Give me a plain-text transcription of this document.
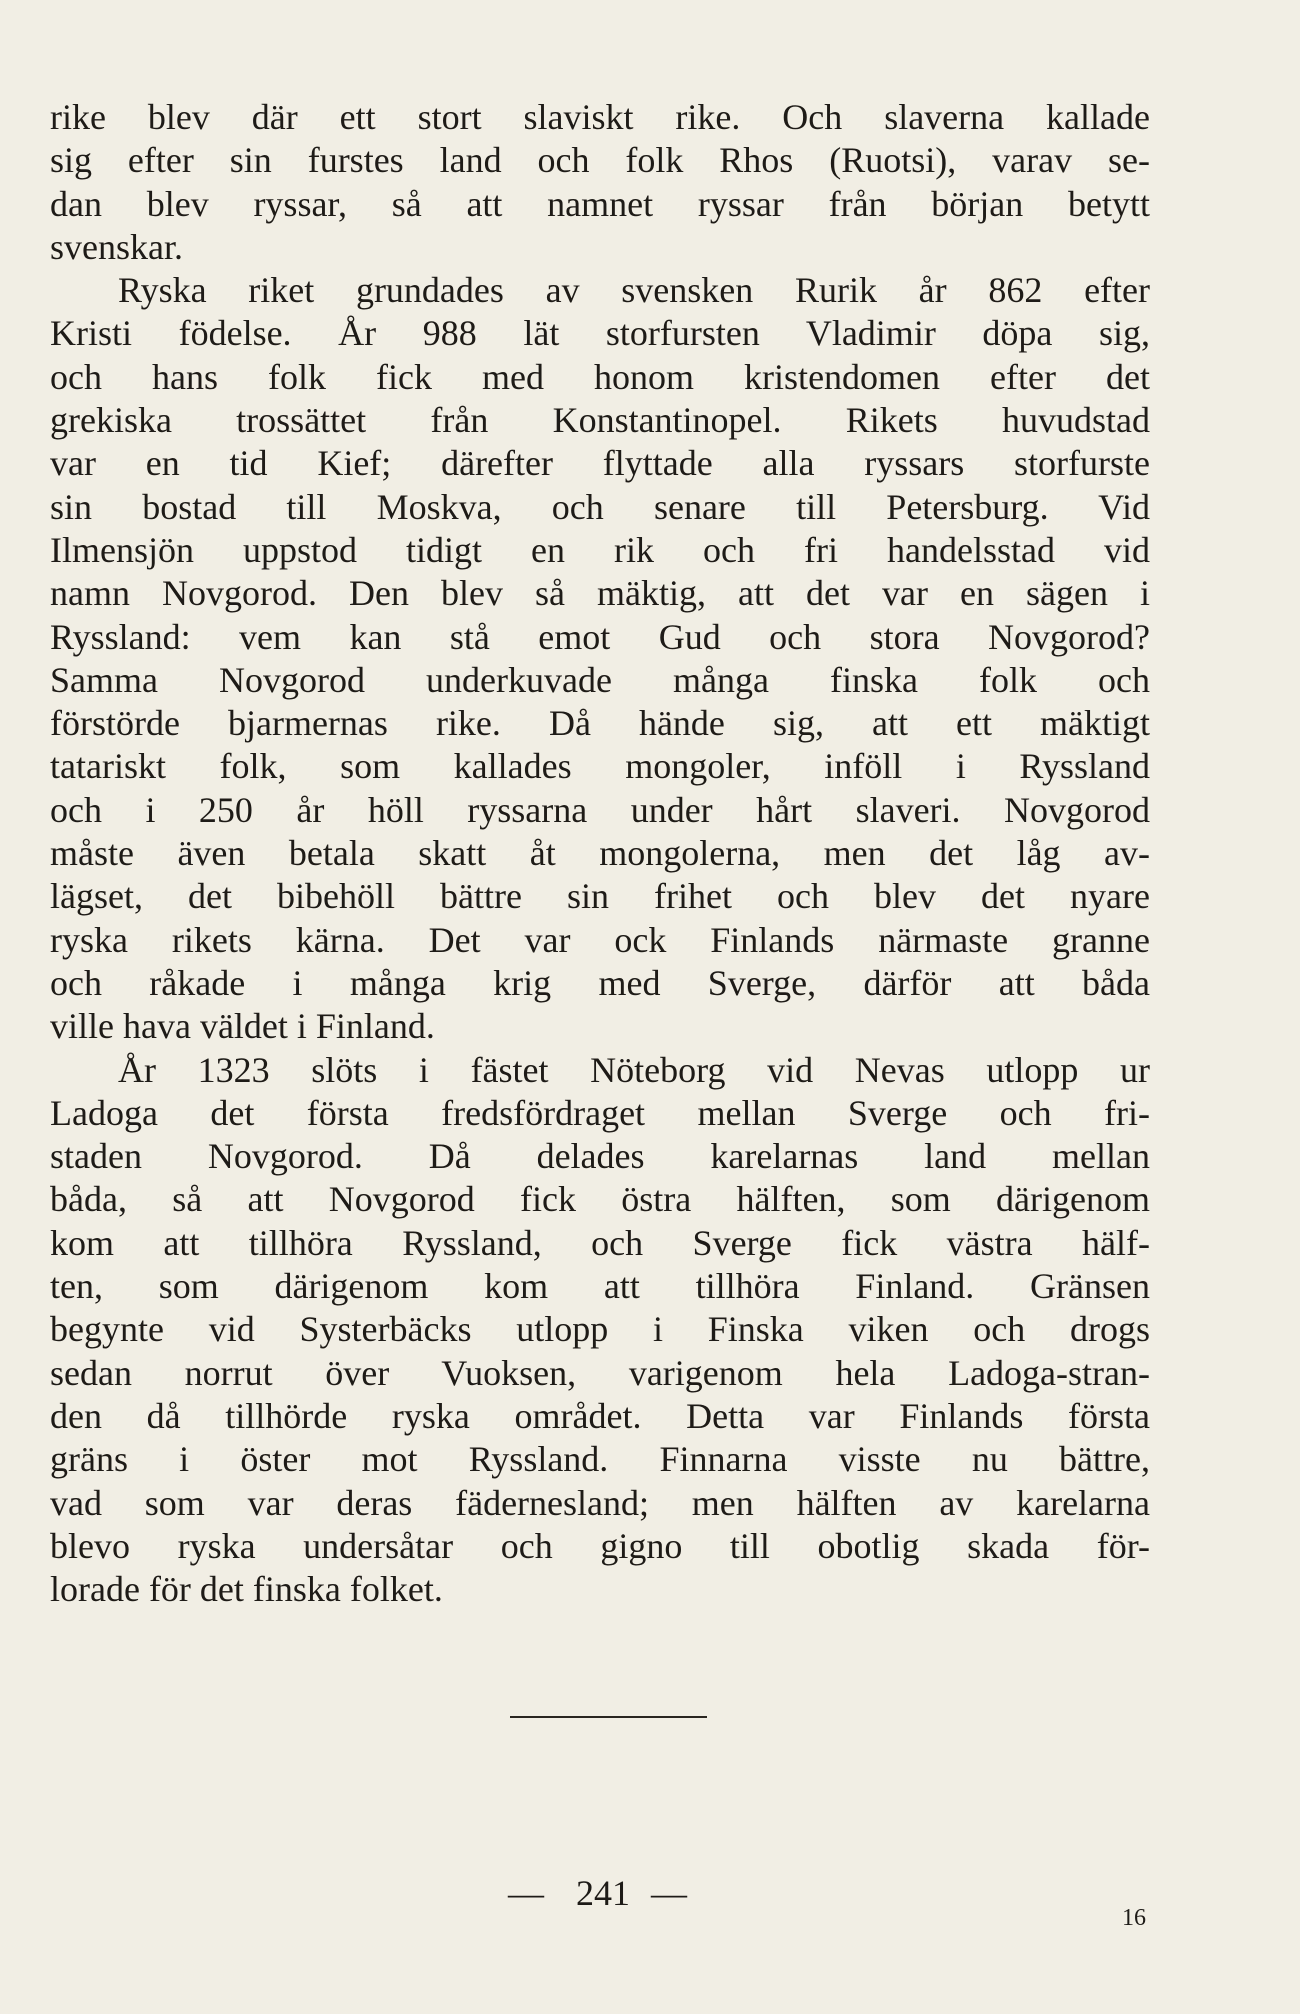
rike blev där ett stort slaviskt rike. Och slaverna kallade
sig efter sin furstes land och folk Rhos (Ruotsi), varav se-
dan blev ryssar, så att namnet ryssar från början betytt
svenskar.
Ryska riket grundades av svensken Rurik år 862 efter
Kristi födelse. År 988 lät storfursten Vladimir döpa sig,
och hans folk fick med honom kristendomen efter det
grekiska trossättet från Konstantinopel. Rikets huvudstad
var en tid Kief; därefter flyttade alla ryssars storfurste
sin bostad till Moskva, och senare till Petersburg. Vid
Ilmensjön uppstod tidigt en rik och fri handelsstad vid
namn Novgorod. Den blev så mäktig, att det var en sägen i
Ryssland: vem kan stå emot Gud och stora Novgorod?
Samma Novgorod underkuvade många finska folk och
förstörde bjarmernas rike. Då hände sig, att ett mäktigt
tatariskt folk, som kallades mongoler, inföll i Ryssland
och i 250 år höll ryssarna under hårt slaveri. Novgorod
måste även betala skatt åt mongolerna, men det låg av-
lägset, det bibehöll bättre sin frihet och blev det nyare
ryska rikets kärna. Det var ock Finlands närmaste granne
och råkade i många krig med Sverge, därför att båda
ville hava väldet i Finland.
År 1323 slöts i fästet Nöteborg vid Nevas utlopp ur
Ladoga det första fredsfördraget mellan Sverge och fri-
staden Novgorod. Då delades karelarnas land mellan
båda, så att Novgorod fick östra hälften, som därigenom
kom att tillhöra Ryssland, och Sverge fick västra hälf-
ten, som därigenom kom att tillhöra Finland. Gränsen
begynte vid Systerbäcks utlopp i Finska viken och drogs
sedan norrut över Vuoksen, varigenom hela Ladoga-stran-
den då tillhörde ryska området. Detta var Finlands första
gräns i öster mot Ryssland. Finnarna visste nu bättre,
vad som var deras fädernesland; men hälften av karelarna
blevo ryska undersåtar och gigno till obotlig skada för-
lorade för det finska folket.
— 241 —
16
